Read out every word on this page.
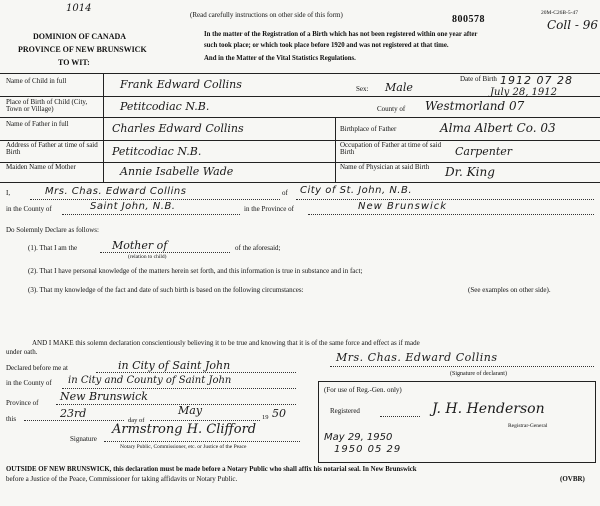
1014	20M-C26B-5-47
Coll - 96
(Read carefully instructions on other side of this form)	800578
DOMINION OF CANADA
PROVINCE OF NEW BRUNSWICK
TO WIT:
In the matter of the Registration of a Birth which has not been registered within one year after
such took place; or which took place before 1920 and was not registered at that time.
And in the Matter of the Vital Statistics Regulations.
Name of Child in full	Frank Edward Collins	Sex: Male
Date of Birth 1912 07 28
July 28, 1912
Place of Birth of Child (City, Town or Village)	Petitcodiac N.B.	County of Westmorland 07
Name of Father in full	Charles Edward Collins	Birthplace of Father	Alma Albert Co. 03
Address of Father at time of said Birth	Petitcodiac N.B.	Occupation of Father at time of said Birth	Carpenter
Maiden Name of Mother	Annie Isabelle Wade	Name of Physician at said Birth Dr. King
I,	Mrs. Chas. Edward Collins	of City of St. John, N.B.
in the County of	Saint John, N.B.	in the Province of	New Brunswick
Do Solemnly Declare as follows:
(1). That I am the	Mother of	of the aforesaid;
(relation to child)
(2). That I have personal knowledge of the matters herein set forth, and this information is true in substance and in fact;
(3). That my knowledge of the fact and date of such birth is based on the following circumstances:	(See examples on other side).
AND I MAKE this solemn declaration conscientiously believing it to be true and knowing that it is of the same force and effect as if made
under oath.
Declared before me at	in City of Saint John
in the County of in City and County of Saint John
Province of New Brunswick
this	23rd
day of
May
19 50
Signature
Armstrong H. Clifford
Notary Public, Commissioner, etc. or Justice of the Peace
Mrs. Chas. Edward Collins
(Signature of declarant)
(For use of Reg.-Gen. only)
Registered	J. H. Henderson
Registrar-General
May 29, 1950
1950 05 29
OUTSIDE OF NEW BRUNSWICK, this declaration must be made before a Notary Public who shall affix his notarial seal. In New Brunswick
before a Justice of the Peace, Commissioner for taking affidavits or Notary Public.	(OVBR)
